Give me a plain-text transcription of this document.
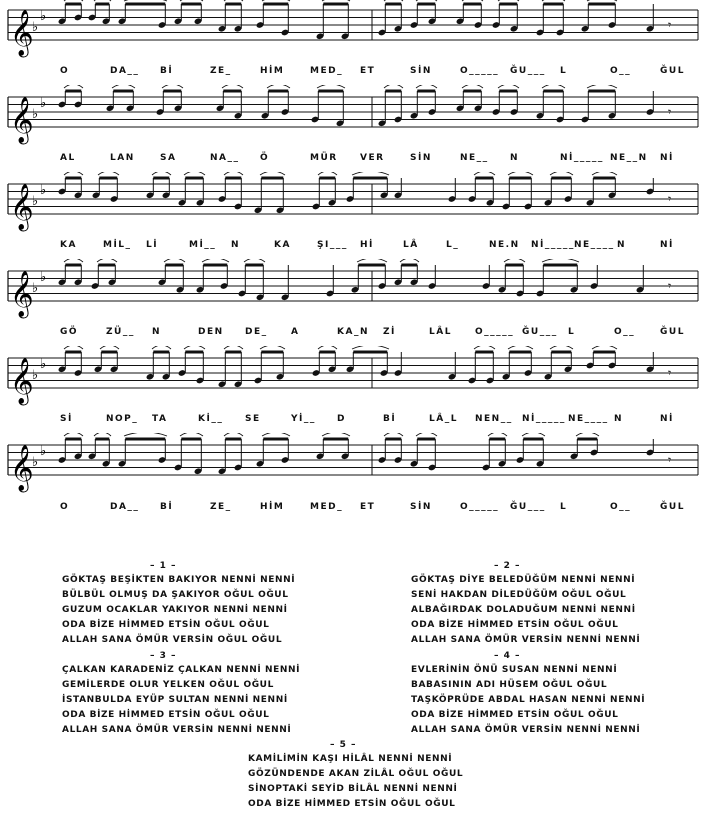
𝄞
♭
♭
𝄾
O	DA__ Bİ	ZE_	HİM	MED_ ET	SİN	O_____ ĞU___ L	O__	ĞUL
𝄞
♭
♭
𝄾
AL	LAN	SA	NA__ Ö	MÜR VER	SİN	NE__ N	Nİ_____ NE__N Nİ
𝄞
♭
♭
𝄾
KA	MİL_ Lİ	Mİ__ N	KA	ŞI___ Hİ	LÂ	L_	NE.N Nİ_____ NE____ N	Nİ
𝄞
♭
♭
𝄾
GÖ	ZÜ__ N	DEN DE_	A	KA_N Zİ	LÂL	O_____ ĞU___ L	O__	ĞUL
𝄞
♭
♭
𝄾
Sİ	NOP_ TA	Kİ__ SE	Yİ__ D	Bİ	LÂ_L NEN__ Nİ_____ NE____ N	Nİ
𝄞
♭
♭
𝄾
O	DA__ Bİ	ZE_	HİM	MED_ ET	SİN	O_____ ĞU___ L	O__	ĞUL
– 1 –
GÖKTAŞ BEŞİKTEN BAKIYOR NENNİ NENNİ
BÜLBÜL OLMUŞ DA ŞAKIYOR OĞUL OĞUL
GUZUM OCAKLAR YAKIYOR NENNİ NENNİ
ODA BİZE HİMMED ETSİN OĞUL OĞUL
ALLAH SANA ÖMÜR VERSİN OĞUL OĞUL
– 2 –
GÖKTAŞ DİYE BELEDÜĞÜM NENNİ NENNİ
SENİ HAKDAN DİLEDÜĞÜM OĞUL OĞUL
ALBAĞIRDAK DOLADUĞUM NENNİ NENNİ
ODA BİZE HİMMED ETSİN OĞUL OĞUL
ALLAH SANA ÖMÜR VERSİN NENNİ NENNİ
– 3 –
ÇALKAN KARADENİZ ÇALKAN NENNİ NENNİ
GEMİLERDE OLUR YELKEN OĞUL OĞUL
İSTANBULDA EYÜP SULTAN NENNİ NENNİ
ODA BİZE HİMMED ETSİN OĞUL OĞUL
ALLAH SANA ÖMÜR VERSİN NENNİ NENNİ
– 4 –
EVLERİNİN ÖNÜ SUSAN NENNİ NENNİ
BABASININ ADI HÜSEM OĞUL OĞUL
TAŞKÖPRÜDE ABDAL HASAN NENNİ NENNİ
ODA BİZE HİMMED ETSİN OĞUL OĞUL
ALLAH SANA ÖMÜR VERSİN NENNİ NENNİ
– 5 –
KAMİLİMİN KAŞI HİLÂL NENNİ NENNİ
GÖZÜNDENDE AKAN ZİLÂL OĞUL OĞUL
SİNOPTAKİ SEYİD BİLÂL NENNİ NENNİ
ODA BİZE HİMMED ETSİN OĞUL OĞUL
